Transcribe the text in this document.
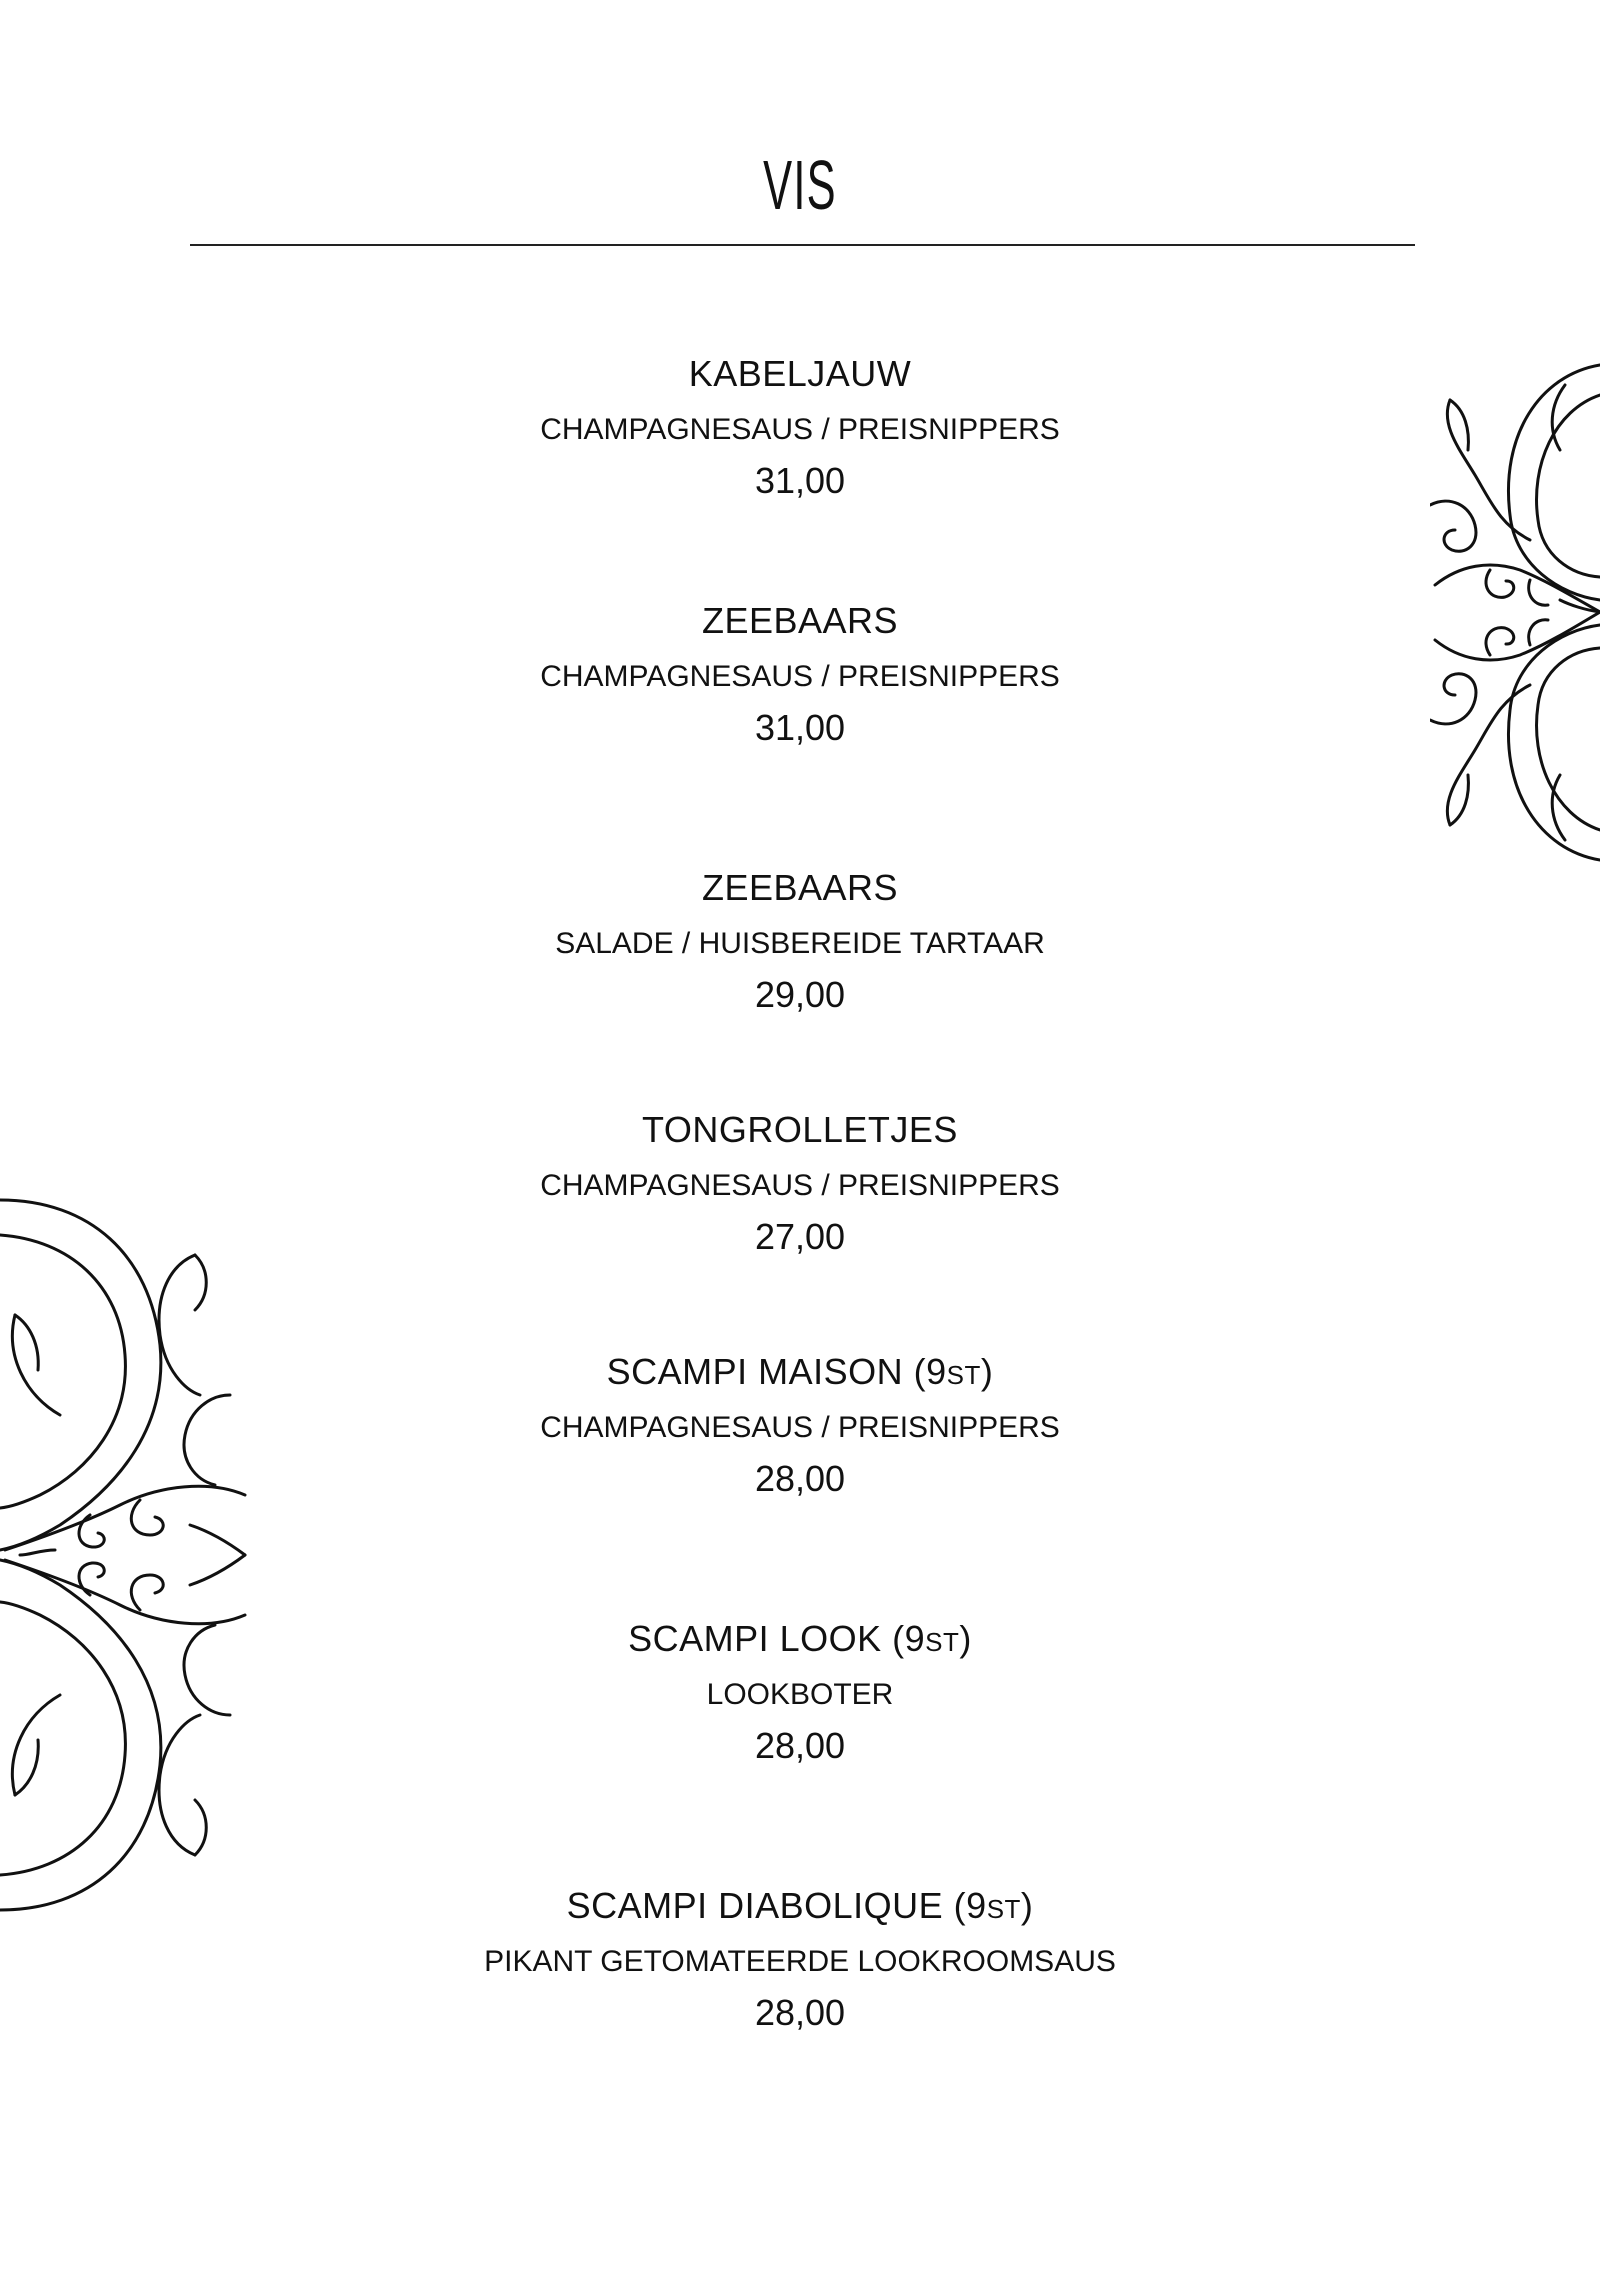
VIS
KABELJAUW
CHAMPAGNESAUS / PREISNIPPERS
31,00
ZEEBAARS
CHAMPAGNESAUS / PREISNIPPERS
31,00
ZEEBAARS
SALADE / HUISBEREIDE TARTAAR
29,00
TONGROLLETJES
CHAMPAGNESAUS / PREISNIPPERS
27,00
SCAMPI MAISON (9ST)
CHAMPAGNESAUS / PREISNIPPERS
28,00
SCAMPI LOOK (9ST)
LOOKBOTER
28,00
SCAMPI DIABOLIQUE (9ST)
PIKANT GETOMATEERDE LOOKROOMSAUS
28,00
